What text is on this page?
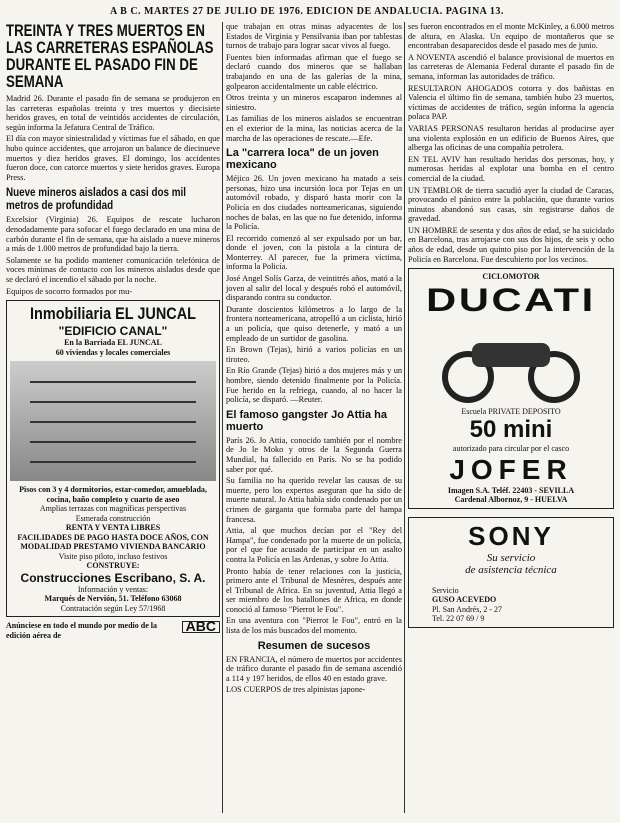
A B C. MARTES 27 DE JULIO DE 1976. EDICION DE ANDALUCIA. PAGINA 13.
TREINTA Y TRES MUERTOS EN LAS CARRETERAS ESPAÑOLAS DURANTE EL PASADO FIN DE SEMANA

Madrid 26. Durante el pasado fin de semana se produjeron en las carreteras españolas treinta y tres muertos y diecisiete heridos graves, en total de veintidós accidentes de circulación, según informa la Jefatura Central de Tráfico.

El día con mayor siniestralidad y víctimas fue el sábado, en que hubo quince accidentes, que arrojaron un balance de diecinueve muertos y diez heridos graves. El domingo, los accidentes fueron doce, con catorce muertos y siete heridos graves. Europa Press.

Nueve mineros aislados a casi dos mil metros de profundidad

Excelsior (Virginia) 26. Equipos de rescate lucharon denodadamente para sofocar el fuego declarado en una mina de carbón durante el fin de semana, que ha aislado a nueve mineros a más de 1.000 metros de profundidad bajo la tierra.

Solamente se ha podido mantener comunicación telefónica de voces mínimas de contacto con los mineros aislados desde que se declaró el incendio el sábado por la noche.

Equipos de socorro formados por mu-

Inmobiliaria EL JUNCAL
"EDIFICIO CANAL"
En la Barriada EL JUNCAL
60 viviendas y locales comerciales
Pisos con 3 y 4 dormitorios, estar-comedor, amueblada, cocina, baño completo y cuarto de aseo
Amplias terrazas con magníficas perspectivas
Esmerada construcción
RENTA Y VENTA LIBRES
FACILIDADES DE PAGO HASTA DOCE AÑOS, CON MODALIDAD PRESTAMO VIVIENDA BANCARIO
Visite piso piloto, incluso festivos
CONSTRUYE:
Construcciones Escribano, S. A.
Información y ventas:
Marqués de Nervión, 51. Teléfono 63068
Contratación según Ley 57/1968
ABC
Anúnciese en todo el mundo por medio de la edición aérea de

que trabajan en otras minas adyacentes de los Estados de Virginia y Pensilvania iban por tablestas turnos de trabajo para lograr sacar vivos al fuego.

Fuentes bien informadas afirman que el fuego se declaró cuando dos mineros que se hallaban trabajando en una de las galerías de la mina, golpearon accidentalmente un cable eléctrico.

Otros treinta y un mineros escaparon indemnes al siniestro.

Las familias de los mineros aislados se encuentran en el exterior de la mina, las noticias acerca de la marcha de las operaciones de rescate.—Efe.

La "carrera loca" de un joven mexicano

Méjico 26. Un joven mexicano ha matado a seis personas, hizo una incursión loca por Tejas en un automóvil robado, y disparó hasta morir con la Policía en dos ciudades norteamericanas, siguiendo noches de balas, en las que no fue detenido, informa la Policía.

El recorrido comenzó al ser expulsado por un bar, donde el joven, con la pistola a la cintura de Monterrey. Al parecer, fue la primera víctima, informa la Policía.

José Angel Solís Garza, de veintitrés años, mató a la joven al salir del local y después robó el automóvil, disparando contra su conductor.

Durante doscientos kilómetros a lo largo de la frontera norteamericana, atropelló a un ciclista, hirió a un policía, que quiso detenerle, y mató a un empleado de un surtidor de gasolina.

En Brown (Tejas), hirió a varios policías en un tiroteo.

En Río Grande (Tejas) hirió a dos mujeres más y un hombre, siendo detenido finalmente por la Policía. Fue herido en la refriega, cuando, al no hacer la policía, se disparó. —Reuter.

El famoso gangster Jo Attia ha muerto

París 26. Jo Attia, conocido también por el nombre de Jo le Moko y otros de la Segunda Guerra Mundial, ha fallecido en París. No se ha podido saber por qué.

Su familia no ha querido revelar las causas de su muerte, pero los expertos aseguran que ha sido de muerte natural. Jo Attia había sido condenado por un crimen de garganta que formaba parte del hampa francesa.

Attia, al que muchos decían por el "Rey del Hampa", fue condenado por la muerte de un policía, por el que fue acusado de participar en un asalto contra la Policía en las Ardenas, y sobre Jo Attia.

Pronto había de tener relaciones con la justicia, primero ante el Tribunal de Mesnères, después ante el Tribunal de Africa. En su juventud, Attia llegó a ser miembro de los batallones de Africa, en donde conoció al famoso "Pierrot le Fou".

En una aventura con "Pierrot le Fou", entró en la lista de los más buscados del momento.

Resumen de sucesos

EN FRANCIA, el número de muertos por accidentes de tráfico durante el pasado fin de semana ascendió a 114 y 197 heridos, de ellos 40 en estado grave.

LOS CUERPOS de tres alpinistas japone-

ses fueron encontrados en el monte McKinley, a 6.000 metros de altura, en Alaska. Un equipo de montañeros que se encontraban desaparecidos desde el pasado mes de junio.

A NOVENTA ascendió el balance provisional de muertos en las carreteras de Alemania Federal durante el pasado fin de semana, informan las autoridades de tráfico.

RESULTARON AHOGADOS cotorra y dos bañistas en Valencia el último fin de semana, también hubo 23 muertos, víctimas de accidentes de tráfico, según informa la agencia polaca PAP.

VARIAS PERSONAS resultaron heridas al producirse ayer una violenta explosión en un edificio de Buenos Aires, que alberga las oficinas de una compañía petrolera.

EN TEL AVIV han resultado heridas dos personas, hoy, y numerosas heridas al explotar una bomba en el centro comercial de la ciudad.

UN TEMBLOR de tierra sacudió ayer la ciudad de Caracas, provocando el pánico entre la población, que durante varios minutos abandonó sus casas, sin registrarse daños de gravedad.

UN HOMBRE de sesenta y dos años de edad, se ha suicidado en Barcelona, tras arrojarse con sus dos hijos, de seis y ocho años de edad, desde un quinto piso por la intervención de la Policía en Barcelona. Fue descubierto por los vecinos.

CICLOMOTOR
DUCATI
Escuela PRIVATE DEPOSITO
50 mini
autorizado para circular por el casco
JOFER
Imagen S.A. Teléf. 22403 - SEVILLA
Cardenal Albornoz, 9 - HUELVA
SONY
Su servicio
de asistencia técnica
Servicio
GUSO ACEVEDO
Pl. San Andrés, 2 - 27
Tel. 22 07 69 / 9
